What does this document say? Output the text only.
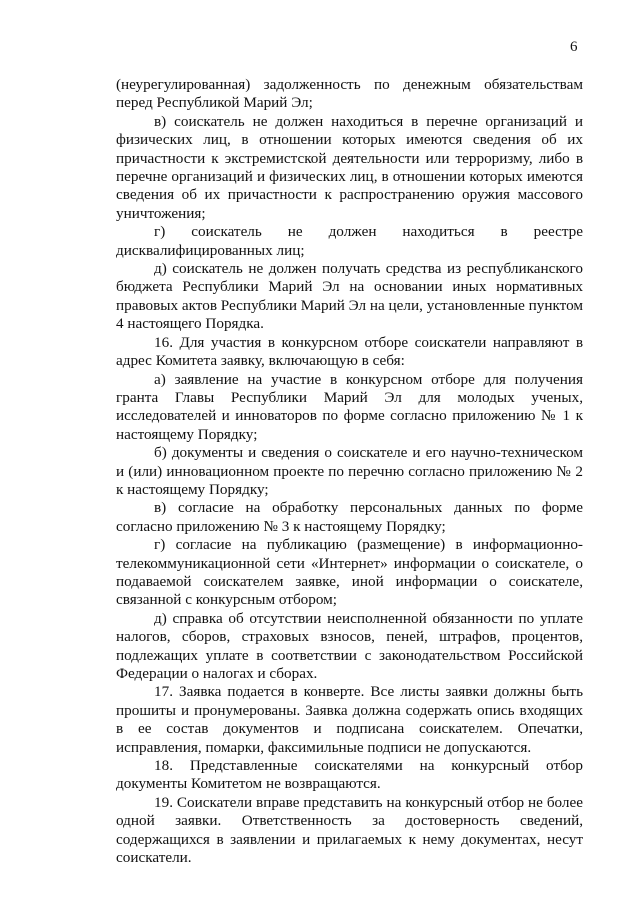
6

(неурегулированная) задолженность по денежным обязательствам перед Республикой Марий Эл;

в) соискатель не должен находиться в перечне организаций и физических лиц, в отношении которых имеются сведения об их причастности к экстремистской деятельности или терроризму, либо в перечне организаций и физических лиц, в отношении которых имеются сведения об их причастности к распространению оружия массового уничтожения;

г) соискатель не должен находиться в реестре дисквалифицированных лиц;

д) соискатель не должен получать средства из республиканского бюджета Республики Марий Эл на основании иных нормативных правовых актов Республики Марий Эл на цели, установленные пунктом 4 настоящего Порядка.

16. Для участия в конкурсном отборе соискатели направляют в адрес Комитета заявку, включающую в себя:

а) заявление на участие в конкурсном отборе для получения гранта Главы Республики Марий Эл для молодых ученых, исследователей и инноваторов по форме согласно приложению № 1 к настоящему Порядку;

б) документы и сведения о соискателе и его научно-техническом и (или) инновационном проекте по перечню согласно приложению № 2 к настоящему Порядку;

в) согласие на обработку персональных данных по форме согласно приложению № 3 к настоящему Порядку;

г) согласие на публикацию (размещение) в информационно-телекоммуникационной сети «Интернет» информации о соискателе, о подаваемой соискателем заявке, иной информации о соискателе, связанной с конкурсным отбором;

д) справка об отсутствии неисполненной обязанности по уплате налогов, сборов, страховых взносов, пеней, штрафов, процентов, подлежащих уплате в соответствии с законодательством Российской Федерации о налогах и сборах.

17. Заявка подается в конверте. Все листы заявки должны быть прошиты и пронумерованы. Заявка должна содержать опись входящих в ее состав документов и подписана соискателем. Опечатки, исправления, помарки, факсимильные подписи не допускаются.

18. Представленные соискателями на конкурсный отбор документы Комитетом не возвращаются.

19. Соискатели вправе представить на конкурсный отбор не более одной заявки. Ответственность за достоверность сведений, содержащихся в заявлении и прилагаемых к нему документах, несут соискатели.
